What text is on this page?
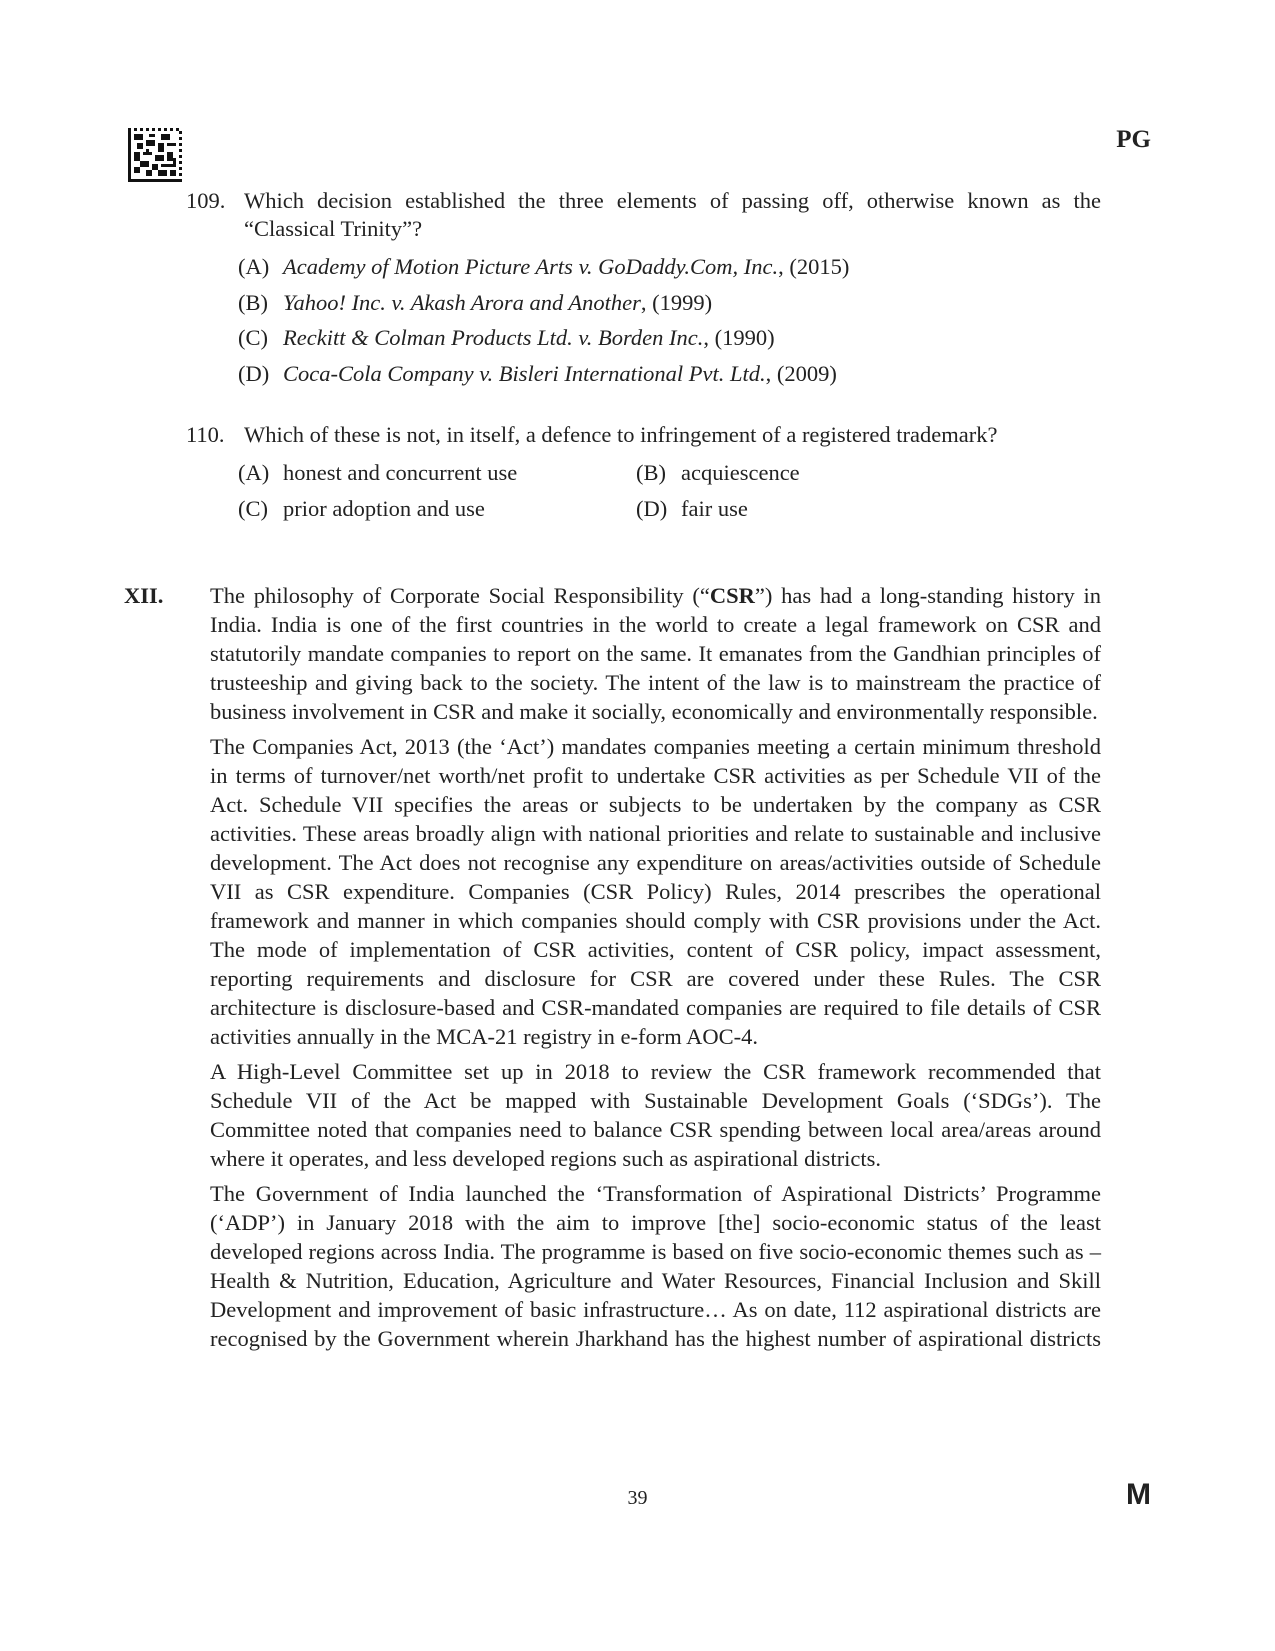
PG
109. Which decision established the three elements of passing off, otherwise known as the “Classical Trinity”?
(A) Academy of Motion Picture Arts v. GoDaddy.Com, Inc., (2015)
(B) Yahoo! Inc. v. Akash Arora and Another, (1999)
(C) Reckitt & Colman Products Ltd. v. Borden Inc., (1990)
(D) Coca-Cola Company v. Bisleri International Pvt. Ltd., (2009)
110. Which of these is not, in itself, a defence to infringement of a registered trademark?
(A) honest and concurrent use	(B) acquiescence
(C) prior adoption and use	(D) fair use
XII. The philosophy of Corporate Social Responsibility (“CSR”) has had a long-standing history in India. India is one of the first countries in the world to create a legal framework on CSR and statutorily mandate companies to report on the same. It emanates from the Gandhian principles of trusteeship and giving back to the society. The intent of the law is to mainstream the practice of business involvement in CSR and make it socially, economically and environmentally responsible.

The Companies Act, 2013 (the ‘Act’) mandates companies meeting a certain minimum threshold in terms of turnover/net worth/net profit to undertake CSR activities as per Schedule VII of the Act. Schedule VII specifies the areas or subjects to be undertaken by the company as CSR activities. These areas broadly align with national priorities and relate to sustainable and inclusive development. The Act does not recognise any expenditure on areas/activities outside of Schedule VII as CSR expenditure. Companies (CSR Policy) Rules, 2014 prescribes the operational framework and manner in which companies should comply with CSR provisions under the Act. The mode of implementation of CSR activities, content of CSR policy, impact assessment, reporting requirements and disclosure for CSR are covered under these Rules. The CSR architecture is disclosure-based and CSR-mandated companies are required to file details of CSR activities annually in the MCA-21 registry in e-form AOC-4.

A High-Level Committee set up in 2018 to review the CSR framework recommended that Schedule VII of the Act be mapped with Sustainable Development Goals (‘SDGs’). The Committee noted that companies need to balance CSR spending between local area/areas around where it operates, and less developed regions such as aspirational districts.

The Government of India launched the ‘Transformation of Aspirational Districts’ Programme (‘ADP’) in January 2018 with the aim to improve [the] socio-economic status of the least developed regions across India. The programme is based on five socio-economic themes such as – Health & Nutrition, Education, Agriculture and Water Resources, Financial Inclusion and Skill Development and improvement of basic infrastructure… As on date, 112 aspirational districts are recognised by the Government wherein Jharkhand has the highest number of aspirational districts

39	M
